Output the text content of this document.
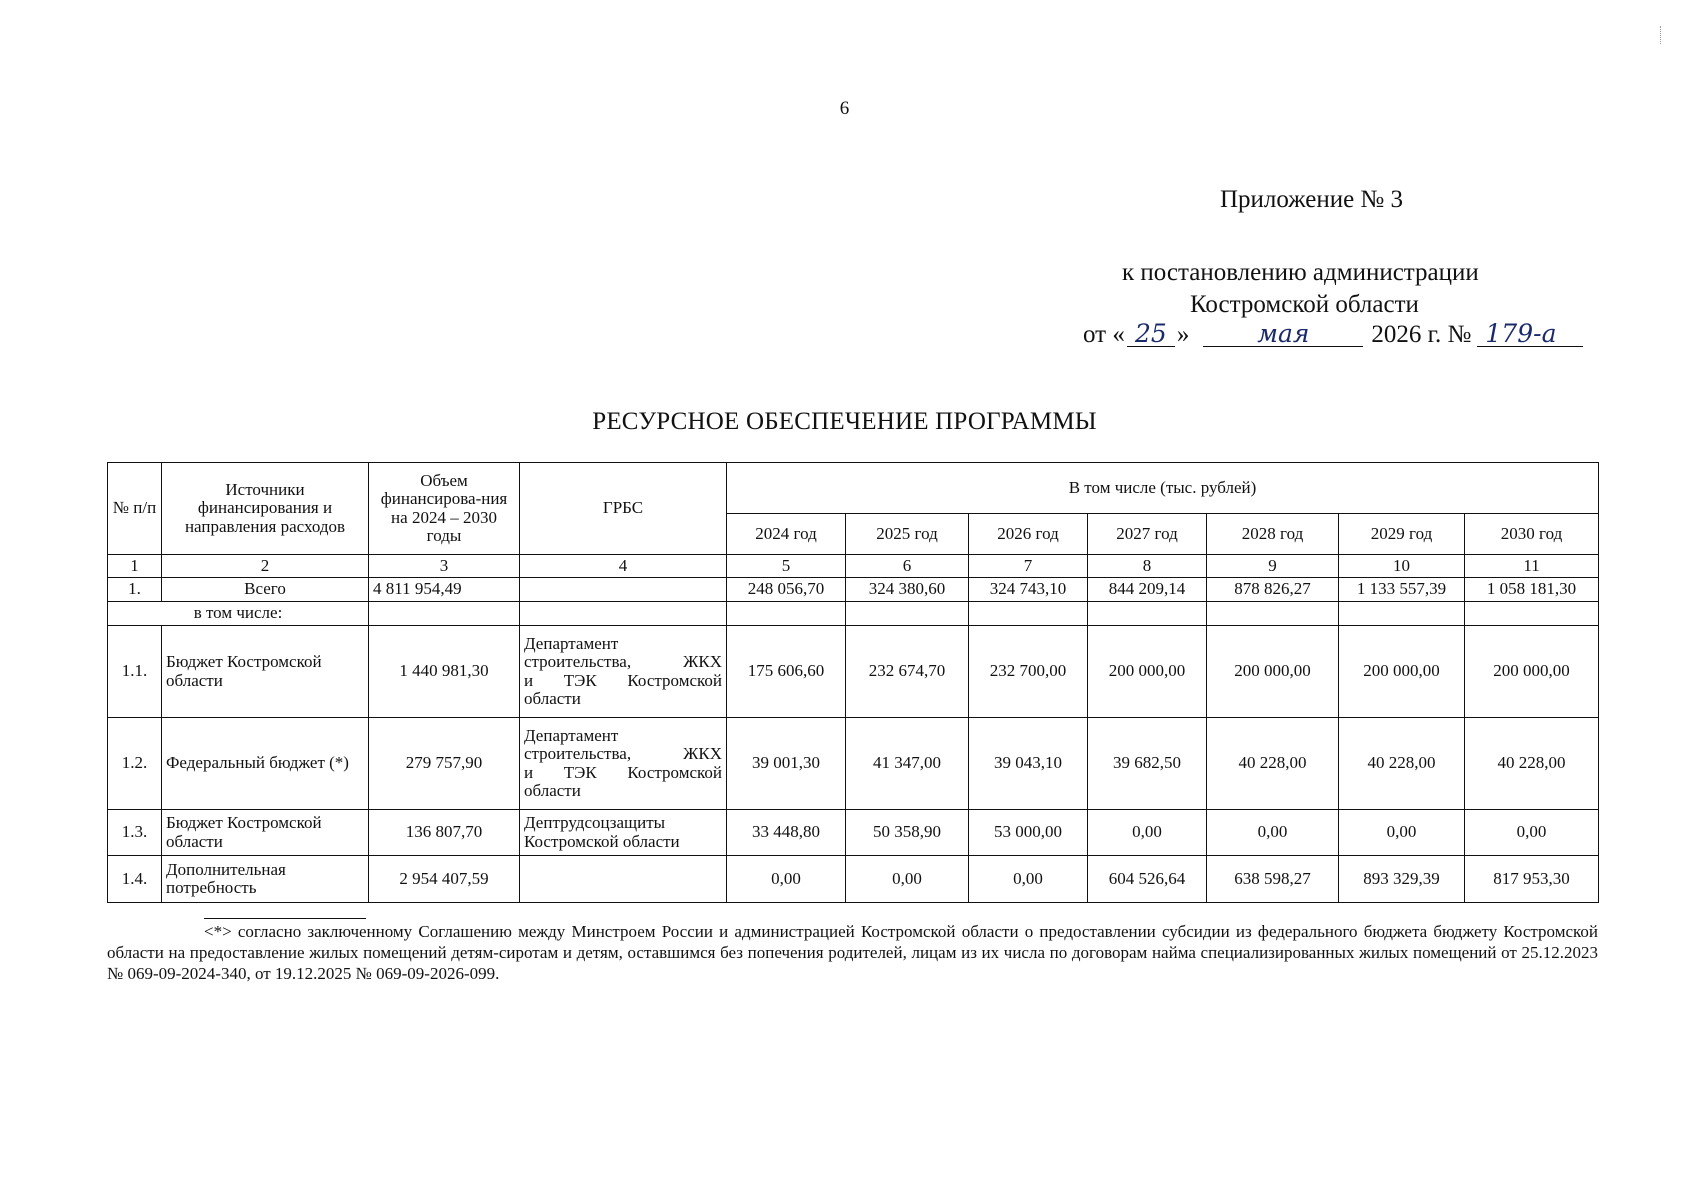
6
Приложение № 3
к постановлению администрации
Костромской области
от « 25 »	мая	2026 г. № 179-а
РЕСУРСНОЕ ОБЕСПЕЧЕНИЕ ПРОГРАММЫ
№ п/п	Источники финансирования и направления расходов	Объем финансирова-ния на 2024 – 2030 годы	ГРБС	В том числе (тыс. рублей)						
				2024 год	2025 год	2026 год	2027 год	2028 год	2029 год	2030 год
1	2	3	4	5	6	7	8	9	10	11
1.	Всего	4 811 954,49		248 056,70	324 380,60	324 743,10	844 209,14	878 826,27	1 133 557,39	1 058 181,30
в том числе:										
1.1.	Бюджет Костромской области	1 440 981,30	Департамент
строительства, ЖКХ
и ТЭК Костромской
области	175 606,60	232 674,70	232 700,00	200 000,00	200 000,00	200 000,00	200 000,00
1.2.	Федеральный бюджет (*)	279 757,90	Департамент
строительства, ЖКХ
и ТЭК Костромской
области	39 001,30	41 347,00	39 043,10	39 682,50	40 228,00	40 228,00	40 228,00
1.3.	Бюджет Костромской области	136 807,70	Дептрудсоцзащиты
Костромской области	33 448,80	50 358,90	53 000,00	0,00	0,00	0,00	0,00
1.4.	Дополнительная потребность	2 954 407,59		0,00	0,00	0,00	604 526,64	638 598,27	893 329,39	817 953,30
<*> согласно заключенному Соглашению между Минстроем России и администрацией Костромской области о предоставлении субсидии из федерального бюджета бюджету Костромской области на предоставление жилых помещений детям-сиротам и детям, оставшимся без попечения родителей, лицам из их числа по договорам найма специализированных жилых помещений от 25.12.2023 № 069-09-2024-340, от 19.12.2025 № 069-09-2026-099.
